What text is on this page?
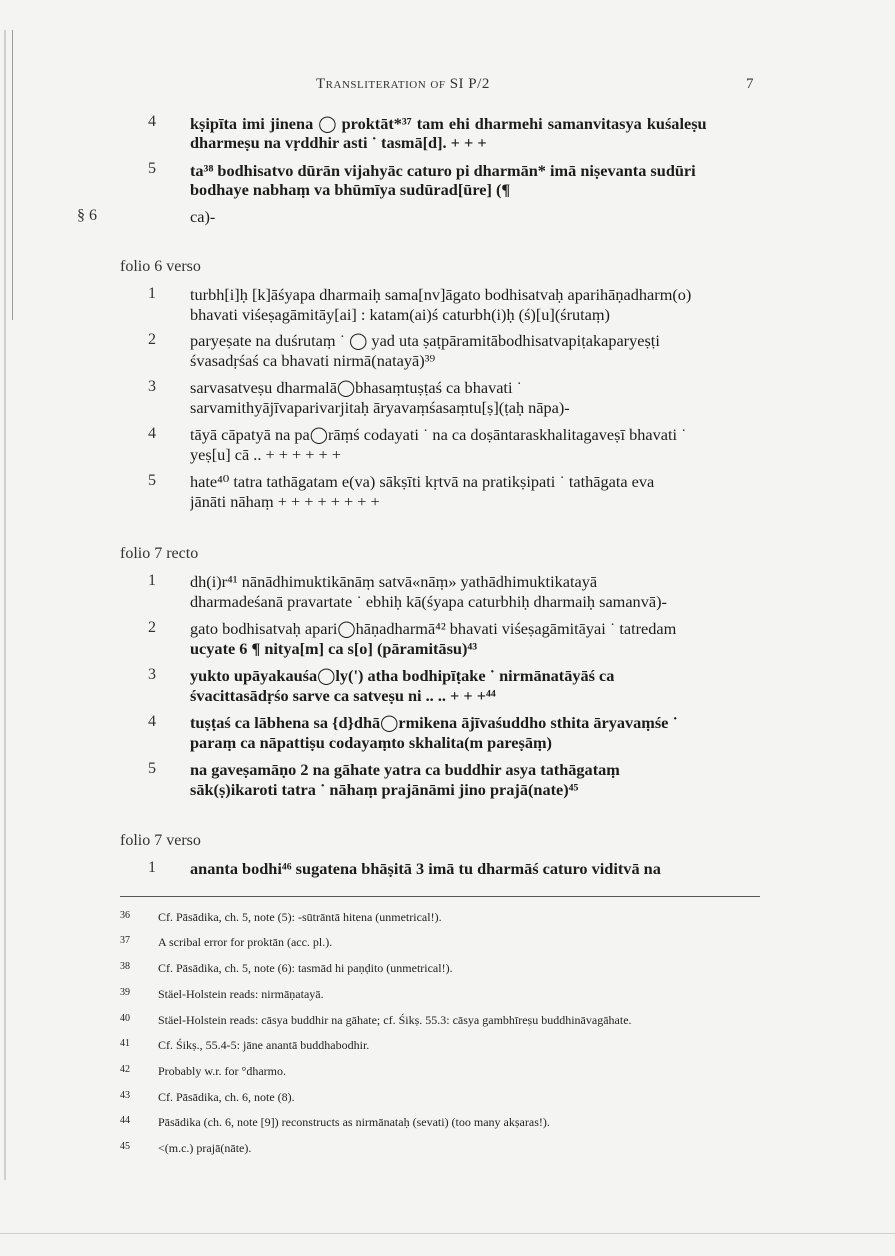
Transliteration of SI P/2	7
4 kṣipīta imi jinena ◯ proktāt*³⁷ tam ehi dharmehi samanvitasya kuśaleṣu
dharmeṣu na vṛddhir asti ˙ tasmā[d]. + + +
5 ta³⁸ bodhisatvo dūrān vijahyāc caturo pi dharmān* imā niṣevanta sudūri
bodhaye nabhaṃ va bhūmīya sudūrad[ūre] (¶
§ 6	ca)-
folio 6 verso
1 turbh[i]ḥ [k]āśyapa dharmaiḥ sama[nv]āgato bodhisatvaḥ aparihāṇadharm(o)
bhavati viśeṣagāmitāy[ai] : katam(ai)ś caturbh(i)ḥ (ś)[u](śrutaṃ)
2 paryeṣate na duśrutaṃ ˙ ◯ yad uta ṣaṭpāramitābodhisatvapiṭakaparyeṣṭi
śvasadṛśaś ca bhavati nirmā(natayā)³⁹
3 sarvasatveṣu dharmalā◯bhasaṃtuṣṭaś ca bhavati ˙
sarvamithyājīvaparivarjitaḥ āryavaṃśasaṃtu[ṣ](ṭaḥ nāpa)-
4 tāyā cāpatyā na pa◯rāṃś codayati ˙ na ca doṣāntaraskhalitagaveṣī bhavati ˙
yeṣ[u] cā .. + + + + + +
5 hate⁴⁰ tatra tathāgatam e(va) sākṣīti kṛtvā na pratikṣipati ˙ tathāgata eva
jānāti nāhaṃ + + + + + + + +
folio 7 recto
1 dh(i)r⁴¹ nānādhimuktikānāṃ satvā«nāṃ» yathādhimuktikatayā
dharmadeśanā pravartate ˙ ebhiḥ kā(śyapa caturbhiḥ dharmaiḥ samanvā)-
2 gato bodhisatvaḥ apari◯hāṇadharmā⁴² bhavati viśeṣagāmitāyai ˙ tatredam
ucyate 6 ¶ nitya[m] ca s[o] (pāramitāsu)⁴³
3 yukto upāyakauśa◯ly(') atha bodhipīṭake ˙ nirmānatāyāś ca
śvacittasādṛśo sarve ca satveṣu ni .. .. + + +⁴⁴
4 tuṣṭaś ca lābhena sa {d}dhā◯rmikena ājīvaśuddho sthita āryavaṃśe ˙
paraṃ ca nāpattiṣu codayaṃto skhalita(m pareṣāṃ)
5 na gaveṣamāṇo 2 na gāhate yatra ca buddhir asya tathāgataṃ
sāk(ṣ)ikaroti tatra ˙ nāhaṃ prajānāmi jino prajā(nate)⁴⁵
folio 7 verso
1 ananta bodhi⁴⁶ sugatena bhāṣitā 3 imā tu dharmāś caturo viditvā na
36 Cf. Pāsādika, ch. 5, note (5): -sūtrāntā hitena (unmetrical!).
37 A scribal error for proktān (acc. pl.).
38 Cf. Pāsādika, ch. 5, note (6): tasmād hi paṇḍito (unmetrical!).
39 Stäel-Holstein reads: nirmāṇatayā.
40 Stäel-Holstein reads: cāsya buddhir na gāhate; cf. Śikṣ. 55.3: cāsya gambhīreṣu buddhināvagāhate.
41 Cf. Śikṣ., 55.4-5: jāne anantā buddhabodhir.
42 Probably w.r. for °dharmo.
43 Cf. Pāsādika, ch. 6, note (8).
44 Pāsādika (ch. 6, note [9]) reconstructs as nirmānataḥ (sevati) (too many akṣaras!).
45 <(m.c.) prajā(nāte).
